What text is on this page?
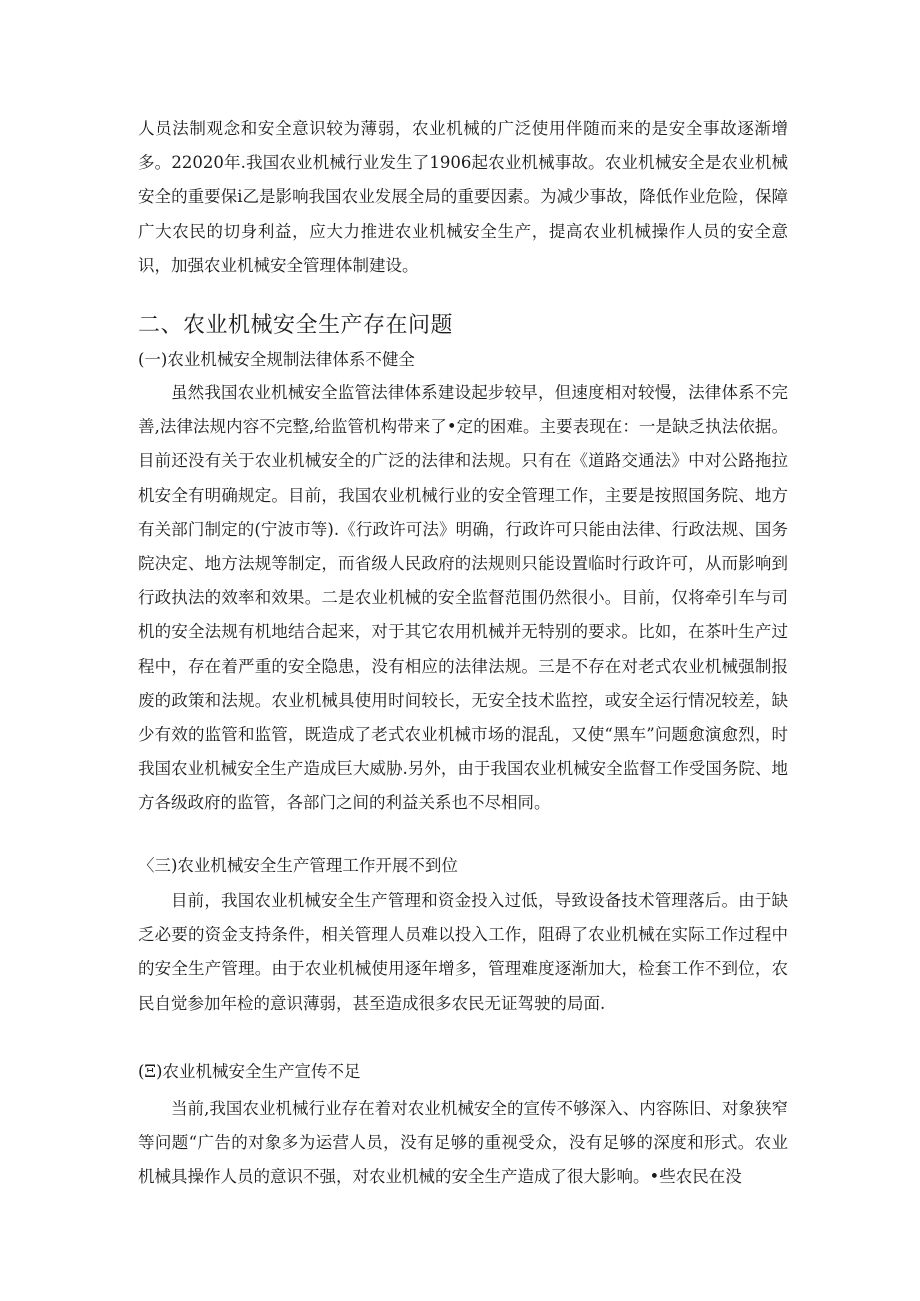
人员法制观念和安全意识较为薄弱，农业机械的广泛使用伴随而来的是安全事故逐渐增多。22020年.我国农业机械行业发生了1906起农业机械事故。农业机械安全是农业机械安全的重要保i乙是影响我国农业发展全局的重要因素。为减少事故，降低作业危险，保障广大农民的切身利益，应大力推进农业机械安全生产，提高农业机械操作人员的安全意识，加强农业机械安全管理体制建设。

二、农业机械安全生产存在问题

(一)农业机械安全规制法律体系不健全

虽然我国农业机械安全监管法律体系建设起步较早，但速度相对较慢，法律体系不完善,法律法规内容不完整,给监管机构带来了•定的困难。主要表现在：一是缺乏执法依据。目前还没有关于农业机械安全的广泛的法律和法规。只有在《道路交通法》中对公路拖拉机安全有明确规定。目前，我国农业机械行业的安全管理工作，主要是按照国务院、地方有关部门制定的(宁波市等).《行政许可法》明确，行政许可只能由法律、行政法规、国务院决定、地方法规等制定，而省级人民政府的法规则只能设置临时行政许可，从而影响到行政执法的效率和效果。二是农业机械的安全监督范围仍然很小。目前，仅将牵引车与司机的安全法规有机地结合起来，对于其它农用机械并无特别的要求。比如，在茶叶生产过程中，存在着严重的安全隐患，没有相应的法律法规。三是不存在对老式农业机械强制报废的政策和法规。农业机械具使用时间较长，无安全技术监控，或安全运行情况较差，缺少有效的监管和监管，既造成了老式农业机械市场的混乱，又使“黑车”问题愈演愈烈，时我国农业机械安全生产造成巨大威胁.另外，由于我国农业机械安全监督工作受国务院、地方各级政府的监管，各部门之间的利益关系也不尽相同。

〈三)农业机械安全生产管理工作开展不到位

目前，我国农业机械安全生产管理和资金投入过低，导致设备技术管理落后。由于缺乏必要的资金支持条件，相关管理人员难以投入工作，阻碍了农业机械在实际工作过程中的安全生产管理。由于农业机械使用逐年增多，管理难度逐渐加大，检套工作不到位，农民自觉参加年检的意识薄弱，甚至造成很多农民无证驾驶的局面.

(Ξ)农业机械安全生产宣传不足

当前,我国农业机械行业存在着对农业机械安全的宣传不够深入、内容陈旧、对象狭窄等问题“广告的对象多为运营人员，没有足够的重视受众，没有足够的深度和形式。农业机械具操作人员的意识不强，对农业机械的安全生产造成了很大影响。•些农民在没
